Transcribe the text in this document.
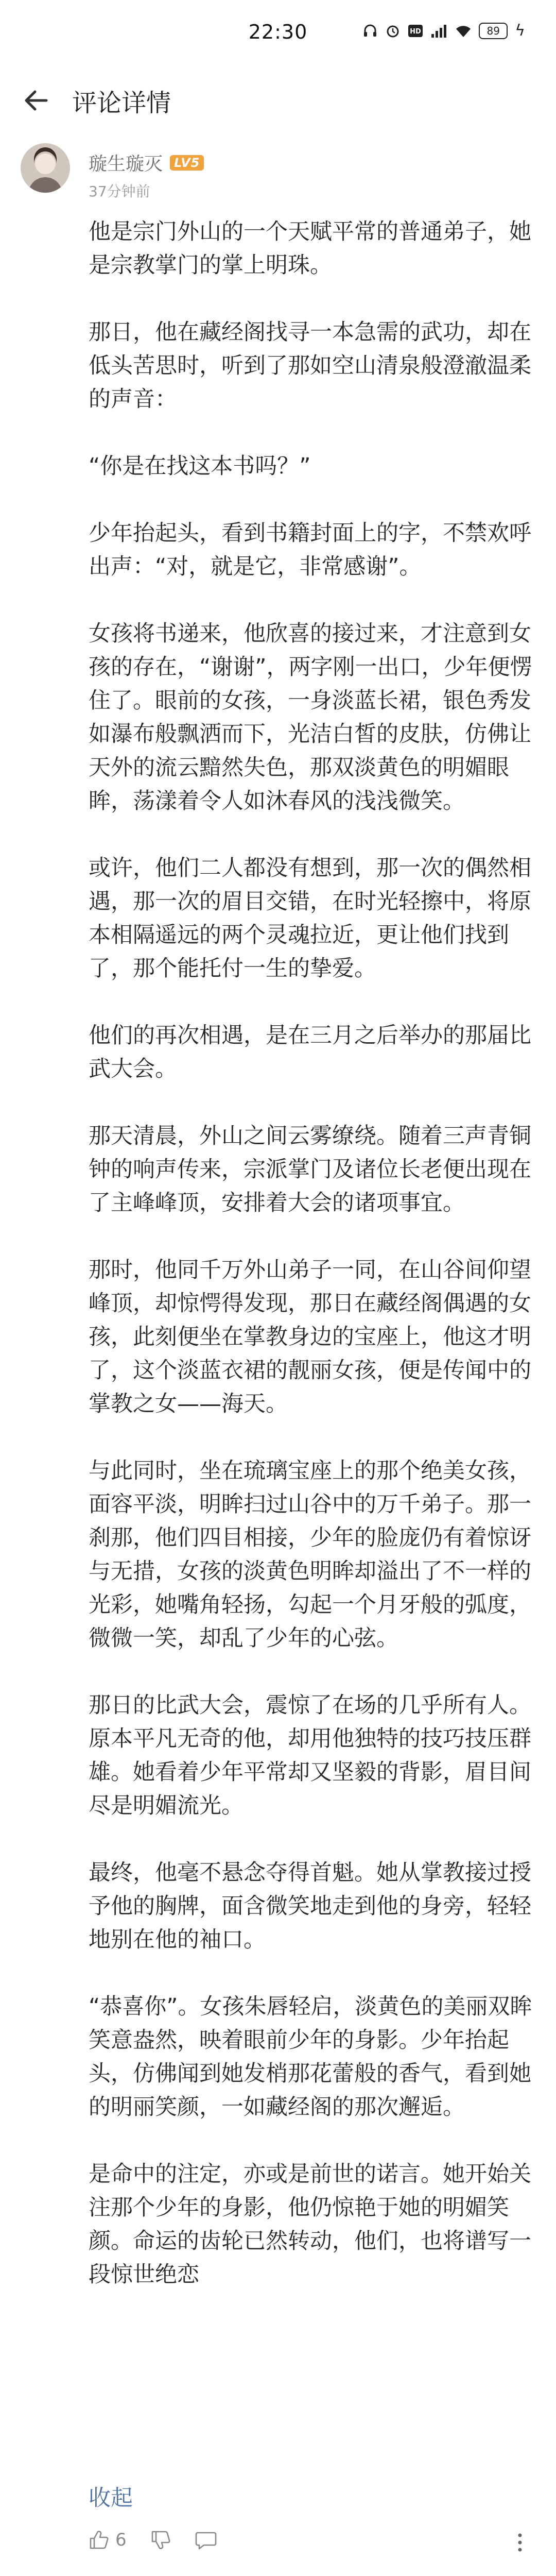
22:30	HD	89 ϟ
评论详情
璇生璇灭 LV5
37分钟前

他是宗门外山的一个天赋平常的普通弟子，她是宗教掌门的掌上明珠。

那日，他在藏经阁找寻一本急需的武功，却在低头苦思时，听到了那如空山清泉般澄澈温柔的声音：

“你是在找这本书吗？”

少年抬起头，看到书籍封面上的字，不禁欢呼出声：“对，就是它，非常感谢”。

女孩将书递来，他欣喜的接过来，才注意到女孩的存在，“谢谢”，两字刚一出口，少年便愣住了。眼前的女孩，一身淡蓝长裙，银色秀发如瀑布般飘洒而下，光洁白皙的皮肤，仿佛让天外的流云黯然失色，那双淡黄色的明媚眼眸，荡漾着令人如沐春风的浅浅微笑。

或许，他们二人都没有想到，那一次的偶然相遇，那一次的眉目交错，在时光轻擦中，将原本相隔遥远的两个灵魂拉近，更让他们找到了，那个能托付一生的挚爱。

他们的再次相遇，是在三月之后举办的那届比武大会。

那天清晨，外山之间云雾缭绕。随着三声青铜钟的响声传来，宗派掌门及诸位长老便出现在了主峰峰顶，安排着大会的诸项事宜。

那时，他同千万外山弟子一同，在山谷间仰望峰顶，却惊愕得发现，那日在藏经阁偶遇的女孩，此刻便坐在掌教身边的宝座上，他这才明了，这个淡蓝衣裙的靓丽女孩，便是传闻中的掌教之女——海天。

与此同时，坐在琉璃宝座上的那个绝美女孩，面容平淡，明眸扫过山谷中的万千弟子。那一刹那，他们四目相接，少年的脸庞仍有着惊讶与无措，女孩的淡黄色明眸却溢出了不一样的光彩，她嘴角轻扬，勾起一个月牙般的弧度，微微一笑，却乱了少年的心弦。

那日的比武大会，震惊了在场的几乎所有人。原本平凡无奇的他，却用他独特的技巧技压群雄。她看着少年平常却又坚毅的背影，眉目间尽是明媚流光。

最终，他毫不悬念夺得首魁。她从掌教接过授予他的胸牌，面含微笑地走到他的身旁，轻轻地别在他的袖口。

“恭喜你”。女孩朱唇轻启，淡黄色的美丽双眸笑意盎然，映着眼前少年的身影。少年抬起头，仿佛闻到她发梢那花蕾般的香气，看到她的明丽笑颜，一如藏经阁的那次邂逅。

是命中的注定，亦或是前世的诺言。她开始关注那个少年的身影，他仍惊艳于她的明媚笑颜。命运的齿轮已然转动，他们，也将谱写一段惊世绝恋

收起
6
